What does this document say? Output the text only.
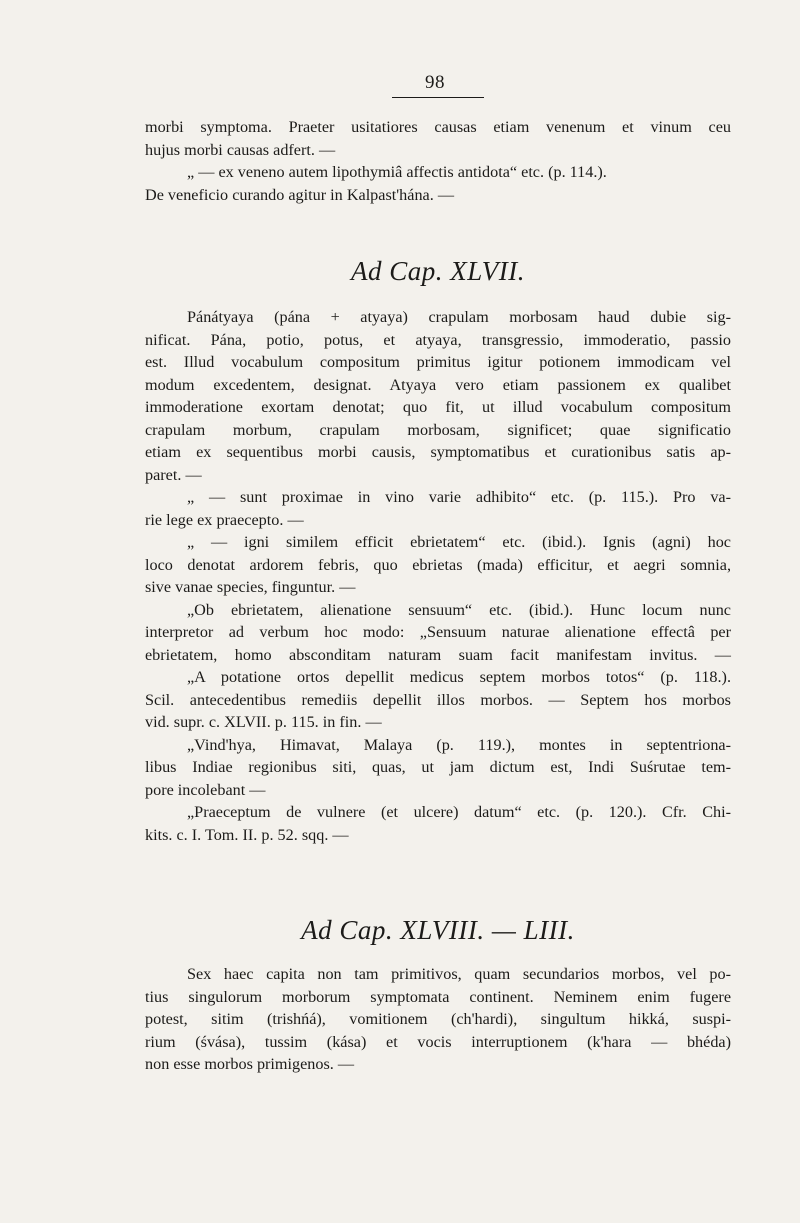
98
morbi symptoma. Praeter usitatiores causas etiam venenum et vinum ceu
hujus morbi causas adfert. —
„ — ex veneno autem lipothymiâ affectis antidota“ etc. (p. 114.).
De veneficio curando agitur in Kalpast'hána. —
Ad Cap. XLVII.
Pánátyaya (pána + atyaya) crapulam morbosam haud dubie sig-
nificat. Pána, potio, potus, et atyaya, transgressio, immoderatio, passio
est. Illud vocabulum compositum primitus igitur potionem immodicam vel
modum excedentem, designat. Atyaya vero etiam passionem ex qualibet
immoderatione exortam denotat; quo fit, ut illud vocabulum compositum
crapulam morbum, crapulam morbosam, significet; quae significatio
etiam ex sequentibus morbi causis, symptomatibus et curationibus satis ap-
paret. —
„ — sunt proximae in vino varie adhibito“ etc. (p. 115.). Pro va-
rie lege ex praecepto. —
„ — igni similem efficit ebrietatem“ etc. (ibid.). Ignis (agni) hoc
loco denotat ardorem febris, quo ebrietas (mada) efficitur, et aegri somnia,
sive vanae species, finguntur. —
„Ob ebrietatem, alienatione sensuum“ etc. (ibid.). Hunc locum nunc
interpretor ad verbum hoc modo: „Sensuum naturae alienatione effectâ per
ebrietatem, homo absconditam naturam suam facit manifestam invitus. —
„A potatione ortos depellit medicus septem morbos totos“ (p. 118.).
Scil. antecedentibus remediis depellit illos morbos. — Septem hos morbos
vid. supr. c. XLVII. p. 115. in fin. —
„Vind'hya, Himavat, Malaya (p. 119.), montes in septentriona-
libus Indiae regionibus siti, quas, ut jam dictum est, Indi Suśrutae tem-
pore incolebant —
„Praeceptum de vulnere (et ulcere) datum“ etc. (p. 120.). Cfr. Chi-
kits. c. I. Tom. II. p. 52. sqq. —
Ad Cap. XLVIII. — LIII.
Sex haec capita non tam primitivos, quam secundarios morbos, vel po-
tius singulorum morborum symptomata continent. Neminem enim fugere
potest, sitim (trishńá), vomitionem (ch'hardi), singultum hikká, suspi-
rium (śvása), tussim (kása) et vocis interruptionem (k'hara — bhéda)
non esse morbos primigenos. —
